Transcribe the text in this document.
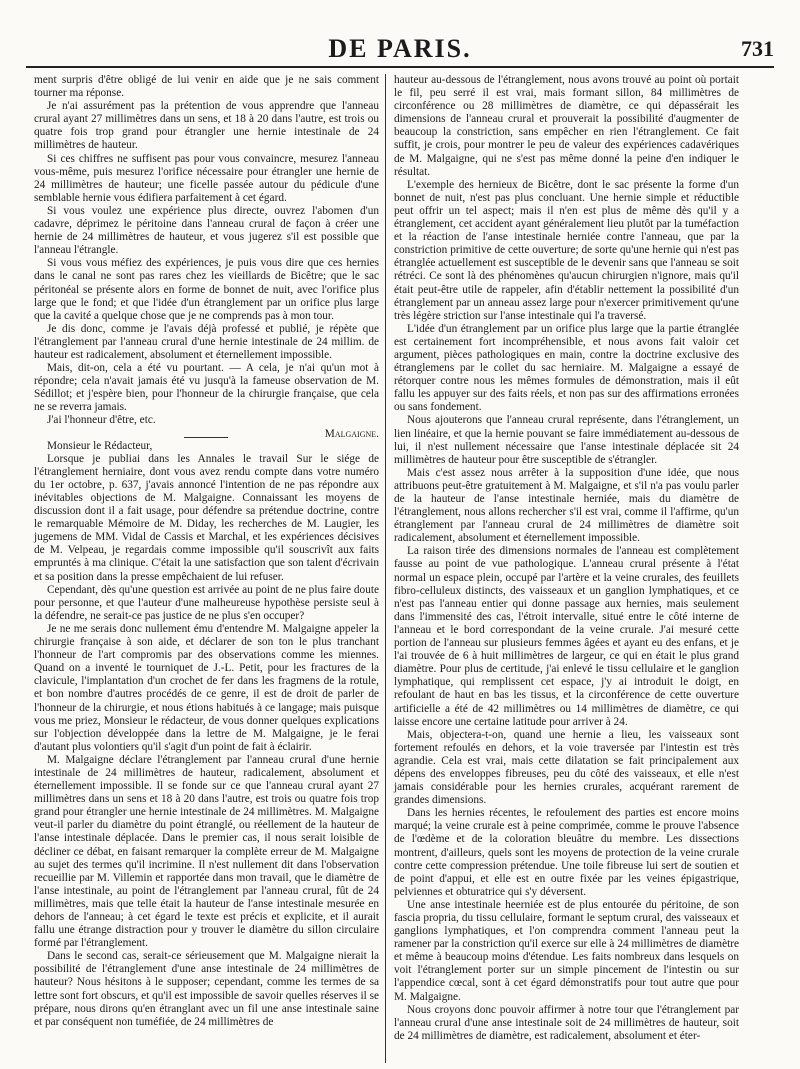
DE PARIS.	731

ment surpris d'être obligé de lui venir en aide que je ne sais comment tourner ma réponse.

Je n'ai assurément pas la prétention de vous apprendre que l'anneau crural ayant 27 millimètres dans un sens, et 18 à 20 dans l'autre, est trois ou quatre fois trop grand pour étrangler une hernie intestinale de 24 millimètres de hauteur.

Si ces chiffres ne suffisent pas pour vous convaincre, mesurez l'anneau vous-même, puis mesurez l'orifice nécessaire pour étrangler une hernie de 24 millimètres de hauteur; une ficelle passée autour du pédicule d'une semblable hernie vous édifiera parfaitement à cet égard.

Si vous voulez une expérience plus directe, ouvrez l'abomen d'un cadavre, déprimez le péritoine dans l'anneau crural de façon à créer une hernie de 24 millimètres de hauteur, et vous jugerez s'il est possible que l'anneau l'étrangle.

Si vous vous méfiez des expériences, je puis vous dire que ces hernies dans le canal ne sont pas rares chez les vieillards de Bicêtre; que le sac péritonéal se présente alors en forme de bonnet de nuit, avec l'orifice plus large que le fond; et que l'idée d'un étranglement par un orifice plus large que la cavité a quelque chose que je ne comprends pas à mon tour.

Je dis donc, comme je l'avais déjà professé et publié, je répète que l'étranglement par l'anneau crural d'une hernie intestinale de 24 millim. de hauteur est radicalement, absolument et éternellement impossible.

Mais, dit-on, cela a été vu pourtant. — A cela, je n'ai qu'un mot à répondre; cela n'avait jamais été vu jusqu'à la fameuse observation de M. Sédillot; et j'espère bien, pour l'honneur de la chirurgie française, que cela ne se reverra jamais.

J'ai l'honneur d'être, etc.

Malgaigne.

Monsieur le Rédacteur,

Lorsque je publiai dans les Annales le travail Sur le siége de l'étranglement herniaire, dont vous avez rendu compte dans votre numéro du 1er octobre, p. 637, j'avais annoncé l'intention de ne pas répondre aux inévitables objections de M. Malgaigne. Connaissant les moyens de discussion dont il a fait usage, pour défendre sa prétendue doctrine, contre le remarquable Mémoire de M. Diday, les recherches de M. Laugier, les jugemens de MM. Vidal de Cassis et Marchal, et les expériences décisives de M. Velpeau, je regardais comme impossible qu'il souscrivît aux faits empruntés à ma clinique. C'était la une satisfaction que son talent d'écrivain et sa position dans la presse empêchaient de lui refuser.

Cependant, dès qu'une question est arrivée au point de ne plus faire doute pour personne, et que l'auteur d'une malheureuse hypothèse persiste seul à la défendre, ne serait-ce pas justice de ne plus s'en occuper?

Je ne me serais donc nullement ému d'entendre M. Malgaigne appeler la chirurgie française à son aide, et déclarer de son ton le plus tranchant l'honneur de l'art compromis par des observations comme les miennes. Quand on a inventé le tourniquet de J.-L. Petit, pour les fractures de la clavicule, l'implantation d'un crochet de fer dans les fragmens de la rotule, et bon nombre d'autres procédés de ce genre, il est de droit de parler de l'honneur de la chirurgie, et nous étions habitués à ce langage; mais puisque vous me priez, Monsieur le rédacteur, de vous donner quelques explications sur l'objection développée dans la lettre de M. Malgaigne, je le ferai d'autant plus volontiers qu'il s'agit d'un point de fait à éclairir.

M. Malgaigne déclare l'étranglement par l'anneau crural d'une hernie intestinale de 24 millimètres de hauteur, radicalement, absolument et éternellement impossible. Il se fonde sur ce que l'anneau crural ayant 27 millimètres dans un sens et 18 à 20 dans l'autre, est trois ou quatre fois trop grand pour étrangler une hernie intestinale de 24 millimètres. M. Malgaigne veut-il parler du diamètre du point étranglé, ou réellement de la hauteur de l'anse intestinale déplacée. Dans le premier cas, il nous serait loisible de décliner ce débat, en faisant remarquer la complète erreur de M. Malgaigne au sujet des termes qu'il incrimine. Il n'est nullement dit dans l'observation recueillie par M. Villemin et rapportée dans mon travail, que le diamètre de l'anse intestinale, au point de l'étranglement par l'anneau crural, fût de 24 millimètres, mais que telle était la hauteur de l'anse intestinale mesurée en dehors de l'anneau; à cet égard le texte est précis et explicite, et il aurait fallu une étrange distraction pour y trouver le diamètre du sillon circulaire formé par l'étranglement.

Dans le second cas, serait-ce sérieusement que M. Malgaigne nierait la possibilité de l'étranglement d'une anse intestinale de 24 millimètres de hauteur? Nous hésitons à le supposer; cependant, comme les termes de sa lettre sont fort obscurs, et qu'il est impossible de savoir quelles réserves il se prépare, nous dirons qu'en étranglant avec un fil une anse intestinale saine et par conséquent non tuméfiée, de 24 millimètres de

hauteur au-dessous de l'étranglement, nous avons trouvé au point où portait le fil, peu serré il est vrai, mais formant sillon, 84 millimètres de circonférence ou 28 millimètres de diamètre, ce qui dépassérait les dimensions de l'anneau crural et prouverait la possibilité d'augmenter de beaucoup la constriction, sans empêcher en rien l'étranglement. Ce fait suffit, je crois, pour montrer le peu de valeur des expériences cadavériques de M. Malgaigne, qui ne s'est pas même donné la peine d'en indiquer le résultat.

L'exemple des hernieux de Bicêtre, dont le sac présente la forme d'un bonnet de nuit, n'est pas plus concluant. Une hernie simple et réductible peut offrir un tel aspect; mais il n'en est plus de même dès qu'il y a étranglement, cet accident ayant généralement lieu plutôt par la tuméfaction et la réaction de l'anse intestinale herniée contre l'anneau, que par la constriction primitive de cette ouverture; de sorte qu'une hernie qui n'est pas étranglée actuellement est susceptible de le devenir sans que l'anneau se soit rétréci. Ce sont là des phénomènes qu'aucun chirurgien n'ignore, mais qu'il était peut-être utile de rappeler, afin d'établir nettement la possibilité d'un étranglement par un anneau assez large pour n'exercer primitivement qu'une très légère striction sur l'anse intestinale qui l'a traversé.

L'idée d'un étranglement par un orifice plus large que la partie étranglée est certainement fort incompréhensible, et nous avons fait valoir cet argument, pièces pathologiques en main, contre la doctrine exclusive des étranglemens par le collet du sac herniaire. M. Malgaigne a essayé de rétorquer contre nous les mêmes formules de démonstration, mais il eût fallu les appuyer sur des faits réels, et non pas sur des affirmations erronées ou sans fondement.

Nous ajouterons que l'anneau crural représente, dans l'étranglement, un lien linéaire, et que la hernie pouvant se faire immédiatement au-dessous de lui, il n'est nullement nécessaire que l'anse intestinale déplacée sit 24 millimètres de hauteur pour être susceptible de s'étrangler.

Mais c'est assez nous arrêter à la supposition d'une idée, que nous attribuons peut-être gratuitement à M. Malgaigne, et s'il n'a pas voulu parler de la hauteur de l'anse intestinale herniée, mais du diamètre de l'étranglement, nous allons rechercher s'il est vrai, comme il l'affirme, qu'un étranglement par l'anneau crural de 24 millimètres de diamètre soit radicalement, absolument et éternellement impossible.

La raison tirée des dimensions normales de l'anneau est complètement fausse au point de vue pathologique. L'anneau crural présente à l'état normal un espace plein, occupé par l'artère et la veine crurales, des feuillets fibro-celluleux distincts, des vaisseaux et un ganglion lymphatiques, et ce n'est pas l'anneau entier qui donne passage aux hernies, mais seulement dans l'immensité des cas, l'étroit intervalle, situé entre le côté interne de l'anneau et le bord correspondant de la veine crurale. J'ai mesuré cette portion de l'anneau sur plusieurs femmes âgées et ayant eu des enfans, et je l'ai trouvée de 6 à huit millimètres de largeur, ce qui en était le plus grand diamètre. Pour plus de certitude, j'ai enlevé le tissu cellulaire et le ganglion lymphatique, qui remplissent cet espace, j'y ai introduit le doigt, en refoulant de haut en bas les tissus, et la circonférence de cette ouverture artificielle a été de 42 millimètres ou 14 millimètres de diamètre, ce qui laisse encore une certaine latitude pour arriver à 24.

Mais, objectera-t-on, quand une hernie a lieu, les vaisseaux sont fortement refoulés en dehors, et la voie traversée par l'intestin est très agrandie. Cela est vrai, mais cette dilatation se fait principalement aux dépens des enveloppes fibreuses, peu du côté des vaisseaux, et elle n'est jamais considérable pour les hernies crurales, acquérant rarement de grandes dimensions.

Dans les hernies récentes, le refoulement des parties est encore moins marqué; la veine crurale est à peine comprimée, comme le prouve l'absence de l'œdème et de la coloration bleuâtre du membre. Les dissections montrent, d'ailleurs, quels sont les moyens de protection de la veine crurale contre cette compression prétendue. Une toile fibreuse lui sert de soutien et de point d'appui, et elle est en outre fixée par les veines épigastrique, pelviennes et obturatrice qui s'y déversent.

Une anse intestinale heerniée est de plus entourée du péritoine, de son fascia propria, du tissu cellulaire, formant le septum crural, des vaisseaux et ganglions lymphatiques, et l'on comprendra comment l'anneau peut la ramener par la constriction qu'il exerce sur elle à 24 millimètres de diamètre et même à beaucoup moins d'étendue. Les faits nombreux dans lesquels on voit l'étranglement porter sur un simple pincement de l'intestin ou sur l'appendice cœcal, sont à cet égard démonstratifs pour tout autre que pour M. Malgaigne.

Nous croyons donc pouvoir affirmer à notre tour que l'étranglement par l'anneau crural d'une anse intestinale soit de 24 millimètres de hauteur, soit de 24 millimètres de diamètre, est radicalement, absolument et éter-
